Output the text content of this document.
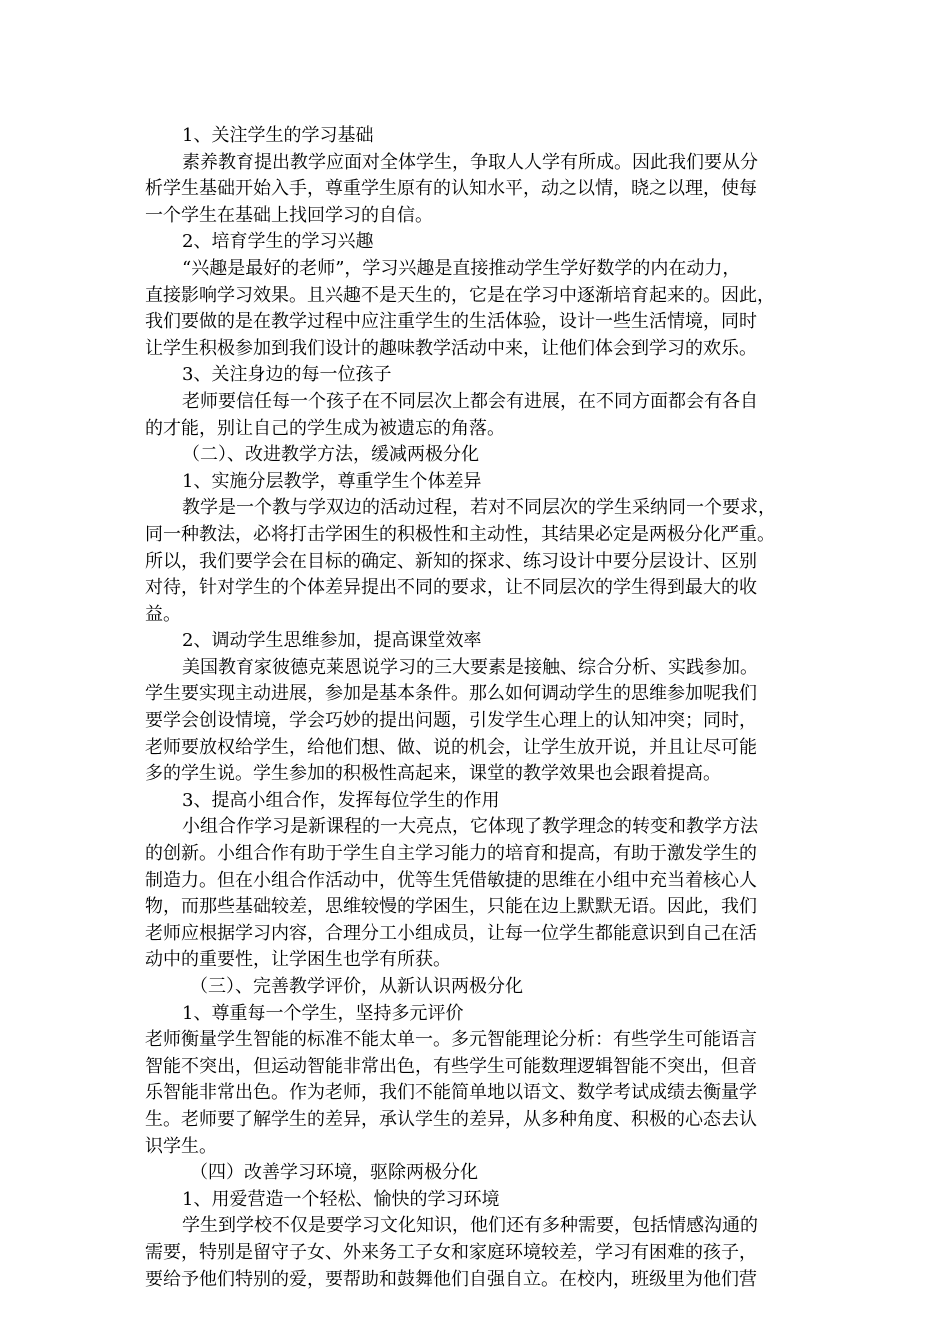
1、关注学生的学习基础
素养教育提出教学应面对全体学生，争取人人学有所成。因此我们要从分
析学生基础开始入手，尊重学生原有的认知水平，动之以情，晓之以理，使每
一个学生在基础上找回学习的自信。
2、培育学生的学习兴趣
“兴趣是最好的老师”，学习兴趣是直接推动学生学好数学的内在动力，
直接影响学习效果。且兴趣不是天生的，它是在学习中逐渐培育起来的。因此，
我们要做的是在教学过程中应注重学生的生活体验，设计一些生活情境，同时
让学生积极参加到我们设计的趣味教学活动中来，让他们体会到学习的欢乐。
3、关注身边的每一位孩子
老师要信任每一个孩子在不同层次上都会有进展，在不同方面都会有各自
的才能，别让自己的学生成为被遗忘的角落。
（二）、改进教学方法，缓减两极分化
1、实施分层教学，尊重学生个体差异
教学是一个教与学双边的活动过程，若对不同层次的学生采纳同一个要求，
同一种教法，必将打击学困生的积极性和主动性，其结果必定是两极分化严重。
所以，我们要学会在目标的确定、新知的探求、练习设计中要分层设计、区别
对待，针对学生的个体差异提出不同的要求，让不同层次的学生得到最大的收
益。
2、调动学生思维参加，提高课堂效率
美国教育家彼德克莱恩说学习的三大要素是接触、综合分析、实践参加。
学生要实现主动进展，参加是基本条件。那么如何调动学生的思维参加呢我们
要学会创设情境，学会巧妙的提出问题，引发学生心理上的认知冲突；同时，
老师要放权给学生，给他们想、做、说的机会，让学生放开说，并且让尽可能
多的学生说。学生参加的积极性高起来，课堂的教学效果也会跟着提高。
3、提高小组合作，发挥每位学生的作用
小组合作学习是新课程的一大亮点，它体现了教学理念的转变和教学方法
的创新。小组合作有助于学生自主学习能力的培育和提高，有助于激发学生的
制造力。但在小组合作活动中，优等生凭借敏捷的思维在小组中充当着核心人
物，而那些基础较差，思维较慢的学困生，只能在边上默默无语。因此，我们
老师应根据学习内容，合理分工小组成员，让每一位学生都能意识到自己在活
动中的重要性，让学困生也学有所获。
（三）、完善教学评价，从新认识两极分化
1、尊重每一个学生，坚持多元评价
老师衡量学生智能的标准不能太单一。多元智能理论分析：有些学生可能语言
智能不突出，但运动智能非常出色，有些学生可能数理逻辑智能不突出，但音
乐智能非常出色。作为老师，我们不能简单地以语文、数学考试成绩去衡量学
生。老师要了解学生的差异，承认学生的差异，从多种角度、积极的心态去认
识学生。
（四）改善学习环境，驱除两极分化
1、用爱营造一个轻松、愉快的学习环境
学生到学校不仅是要学习文化知识，他们还有多种需要，包括情感沟通的
需要，特别是留守子女、外来务工子女和家庭环境较差，学习有困难的孩子，
要给予他们特别的爱，要帮助和鼓舞他们自强自立。在校内，班级里为他们营
